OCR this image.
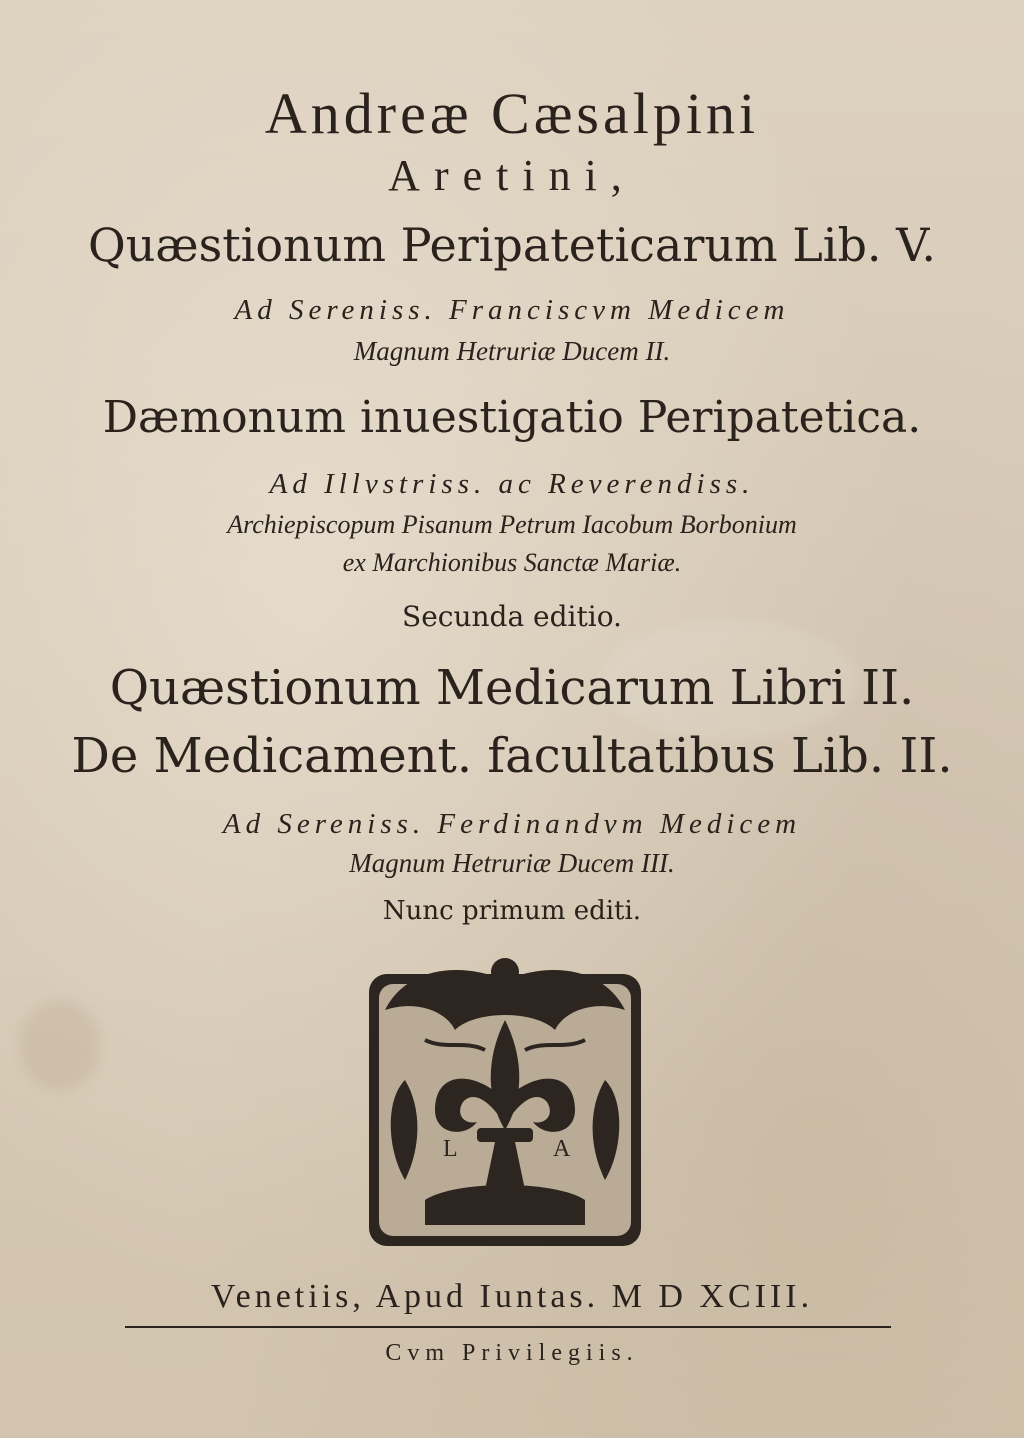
Andreæ Cæsalpini
Aretini,
Quæstionum Peripateticarum Lib. V.
Ad Sereniss. Franciscvm Medicem
Magnum Hetruriæ Ducem II.
Dæmonum inuestigatio Peripatetica.
Ad Illvstriss. ac Reverendiss.
Archiepiscopum Pisanum Petrum Iacobum Borbonium
ex Marchionibus Sanctæ Mariæ.
Secunda editio.
Quæstionum Medicarum Libri II.
De Medicament. facultatibus Lib. II.
Ad Sereniss. Ferdinandvm Medicem
Magnum Hetruriæ Ducem III.
Nunc primum editi.
L	A
Venetiis, Apud Iuntas. M D XCIII.
Cvm Privilegiis.
